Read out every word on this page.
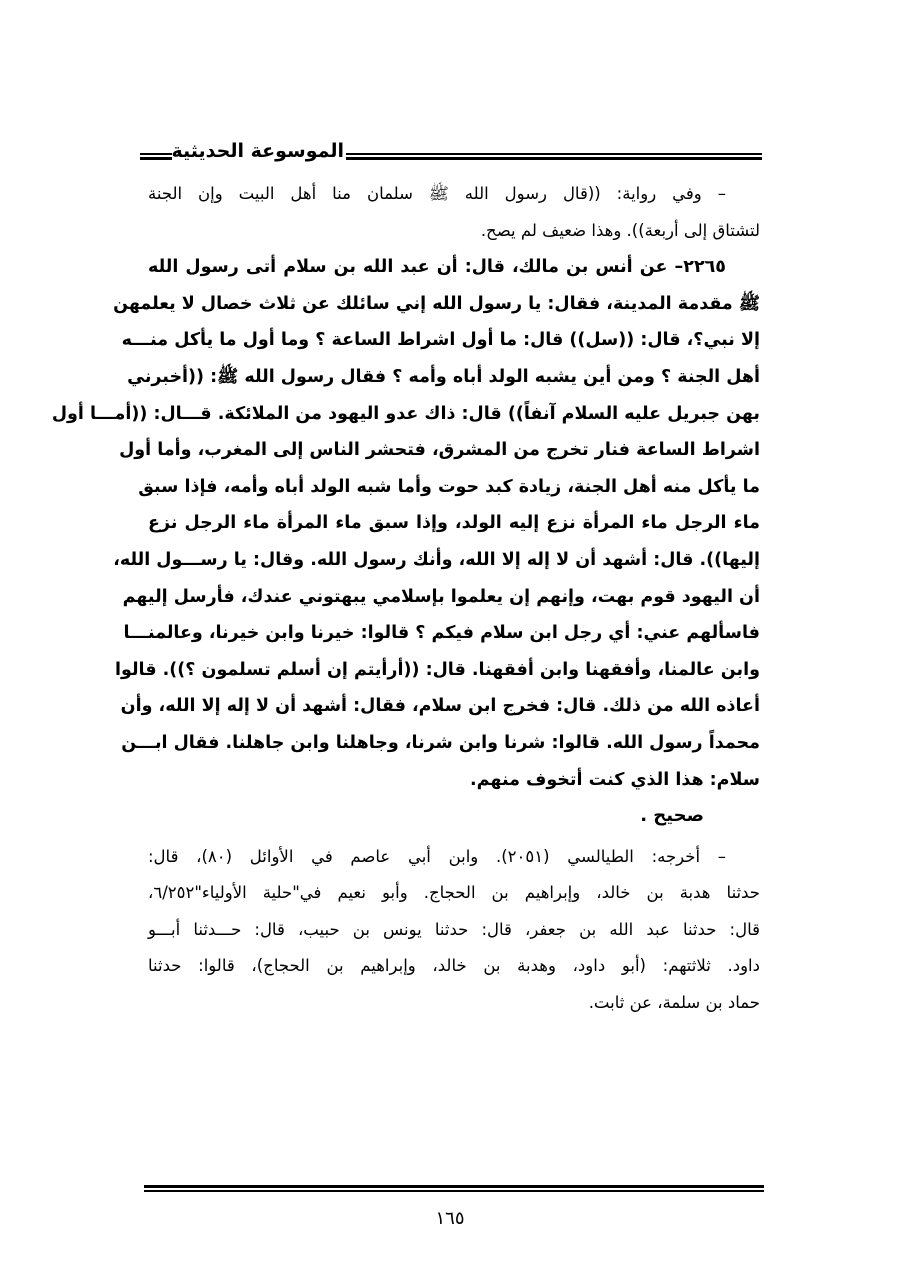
الموسوعة الحديثية
– وفي رواية: ((قال رسول الله ﷺ سلمان منا أهل البيت وإن الجنة
لتشتاق إلى أربعة)). وهذا ضعيف لم يصح.
٢٢٦٥– عن أنس بن مالك، قال: أن عبد الله بن سلام أتى رسول الله
ﷺ مقدمة المدينة، فقال: يا رسول الله إني سائلك عن ثلاث خصال لا يعلمهن
إلا نبي؟، قال: ((سل)) قال: ما أول اشراط الساعة ؟ وما أول ما يأكل منـــه
أهل الجنة ؟ ومن أين يشبه الولد أباه وأمه ؟ فقال رسول الله ﷺ: ((أخبرني
بهن جبريل عليه السلام آنفاً)) قال: ذاك عدو اليهود من الملائكة. قـــال: ((أمـــا أول
اشراط الساعة فنار تخرج من المشرق، فتحشر الناس إلى المغرب، وأما أول
ما يأكل منه أهل الجنة، زيادة كبد حوت وأما شبه الولد أباه وأمه، فإذا سبق
ماء الرجل ماء المرأة نزع إليه الولد، وإذا سبق ماء المرأة ماء الرجل نزع
إليها)). قال: أشهد أن لا إله إلا الله، وأنك رسول الله. وقال: يا رســـول الله،
أن اليهود قوم بهت، وإنهم إن يعلموا بإسلامي يبهتوني عندك، فأرسل إليهم
فاسألهم عني: أي رجل ابن سلام فيكم ؟ قالوا: خيرنا وابن خيرنا، وعالمنـــا
وابن عالمنا، وأفقهنا وابن أفقهنا. قال: ((أرأيتم إن أسلم تسلمون ؟)). قالوا
أعاذه الله من ذلك. قال: فخرج ابن سلام، فقال: أشهد أن لا إله إلا الله، وأن
محمداً رسول الله. قالوا: شرنا وابن شرنا، وجاهلنا وابن جاهلنا. فقال ابـــن
سلام: هذا الذي كنت أتخوف منهم.
صحيح .
– أخرجه: الطيالسي (٢٠٥١). وابن أبي عاصم في الأوائل (٨٠)، قال:
حدثنا هدبة بن خالد، وإبراهيم بن الحجاج. وأبو نعيم في"حلية الأولياء"٦/٢٥٢،
قال: حدثنا عبد الله بن جعفر، قال: حدثنا يونس بن حبيب، قال: حـــدثنا أبـــو
داود. ثلاثتهم: (أبو داود، وهدبة بن خالد، وإبراهيم بن الحجاج)، قالوا: حدثنا
حماد بن سلمة، عن ثابت.
١٦٥
